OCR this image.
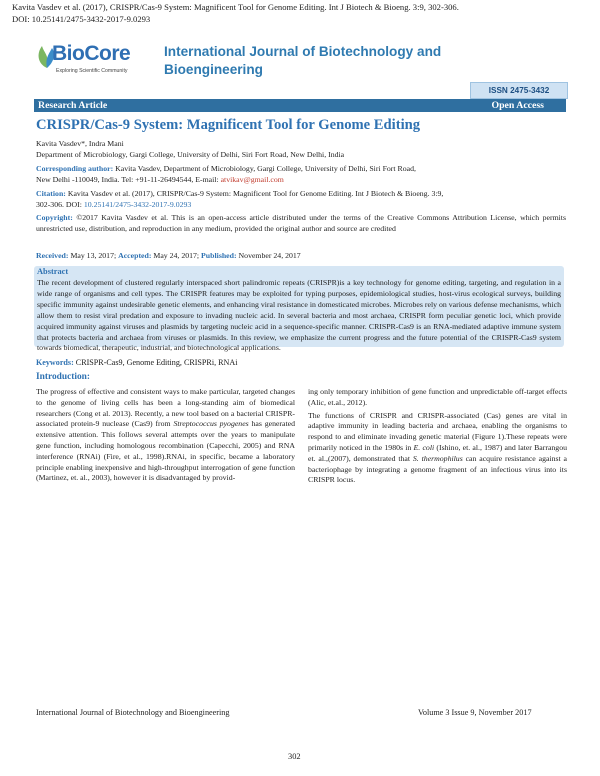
Kavita Vasdev et al. (2017), CRISPR/Cas-9 System: Magnificent Tool for Genome Editing. Int J Biotech & Bioeng. 3:9, 302-306.
DOI: 10.25141/2475-3432-2017-9.0293
BioCore
Exploring Scientific Community
International Journal of Biotechnology and Bioengineering
ISSN 2475-3432
Research Article	Open Access
CRISPR/Cas-9 System: Magnificent Tool for Genome Editing
Kavita Vasdev*, Indra Mani
Department of Microbiology, Gargi College, University of Delhi, Siri Fort Road, New Delhi, India
Corresponding author: Kavita Vasdev, Department of Microbiology, Gargi College, University of Delhi, Siri Fort Road,
New Delhi -110049, India. Tel: +91-11-26494544, E-mail: atvikav@gmail.com
Citation: Kavita Vasdev et al. (2017), CRISPR/Cas-9 System: Magnificent Tool for Genome Editing. Int J Biotech & Bioeng. 3:9,
302-306. DOI: 10.25141/2475-3432-2017-9.0293
Copyright: ©2017 Kavita Vasdev et al. This is an open-access article distributed under the terms of the Creative Commons Attribution License, which permits unrestricted use, distribution, and reproduction in any medium, provided the original author and source are credited
Received: May 13, 2017; Accepted: May 24, 2017; Published: November 24, 2017
Abstract
The recent development of clustered regularly interspaced short palindromic repeats (CRISPR)is a key technology for genome editing, targeting, and regulation in a wide range of organisms and cell types. The CRISPR features may be exploited for typing purposes, epidemiological studies, host-virus ecological surveys, building specific immunity against undesirable genetic elements, and enhancing viral resistance in domesticated microbes. Microbes rely on various defense mechanisms, which allow them to resist viral predation and exposure to invading nucleic acid. In several bacteria and most archaea, CRISPR form peculiar genetic loci, which provide acquired immunity against viruses and plasmids by targeting nucleic acid in a sequence-specific manner. CRISPR-Cas9 is an RNA-mediated adaptive immune system that protects bacteria and archaea from viruses or plasmids. In this review, we emphasize the current progress and the future potential of the CRISPR-Cas9 system towards biomedical, therapeutic, industrial, and biotechnological applications.
Keywords: CRISPR-Cas9, Genome Editing, CRISPRi, RNAi
Introduction:

The progress of effective and consistent ways to make particular, targeted changes to the genome of living cells has been a long-standing aim of biomedical researchers (Cong et al. 2013). Recently, a new tool based on a bacterial CRISPR-associated protein-9 nuclease (Cas9) from Streptococcus pyogenes has generated extensive attention. This follows several attempts over the years to manipulate gene function, including homologous recombination (Capecchi, 2005) and RNA interference (RNAi) (Fire, et al., 1998).RNAi, in specific, became a laboratory principle enabling inexpensive and high-throughput interrogation of gene function (Martinez, et. al., 2003), however it is disadvantaged by provid-

ing only temporary inhibition of gene function and unpredictable off-target effects (Alic, et.al., 2012).

The functions of CRISPR and CRISPR-associated (Cas) genes are vital in adaptive immunity in leading bacteria and archaea, enabling the organisms to respond to and eliminate invading genetic material (Figure 1).These repeats were primarily noticed in the 1980s in E. coli (Ishino, et. al., 1987) and later Barrangou et. al.,(2007), demonstrated that S. thermophilus can acquire resistance against a bacteriophage by integrating a genome fragment of an infectious virus into its CRISPR locus.

International Journal of Biotechnology and Bioengineering	Volume 3 Issue 9, November 2017
302
